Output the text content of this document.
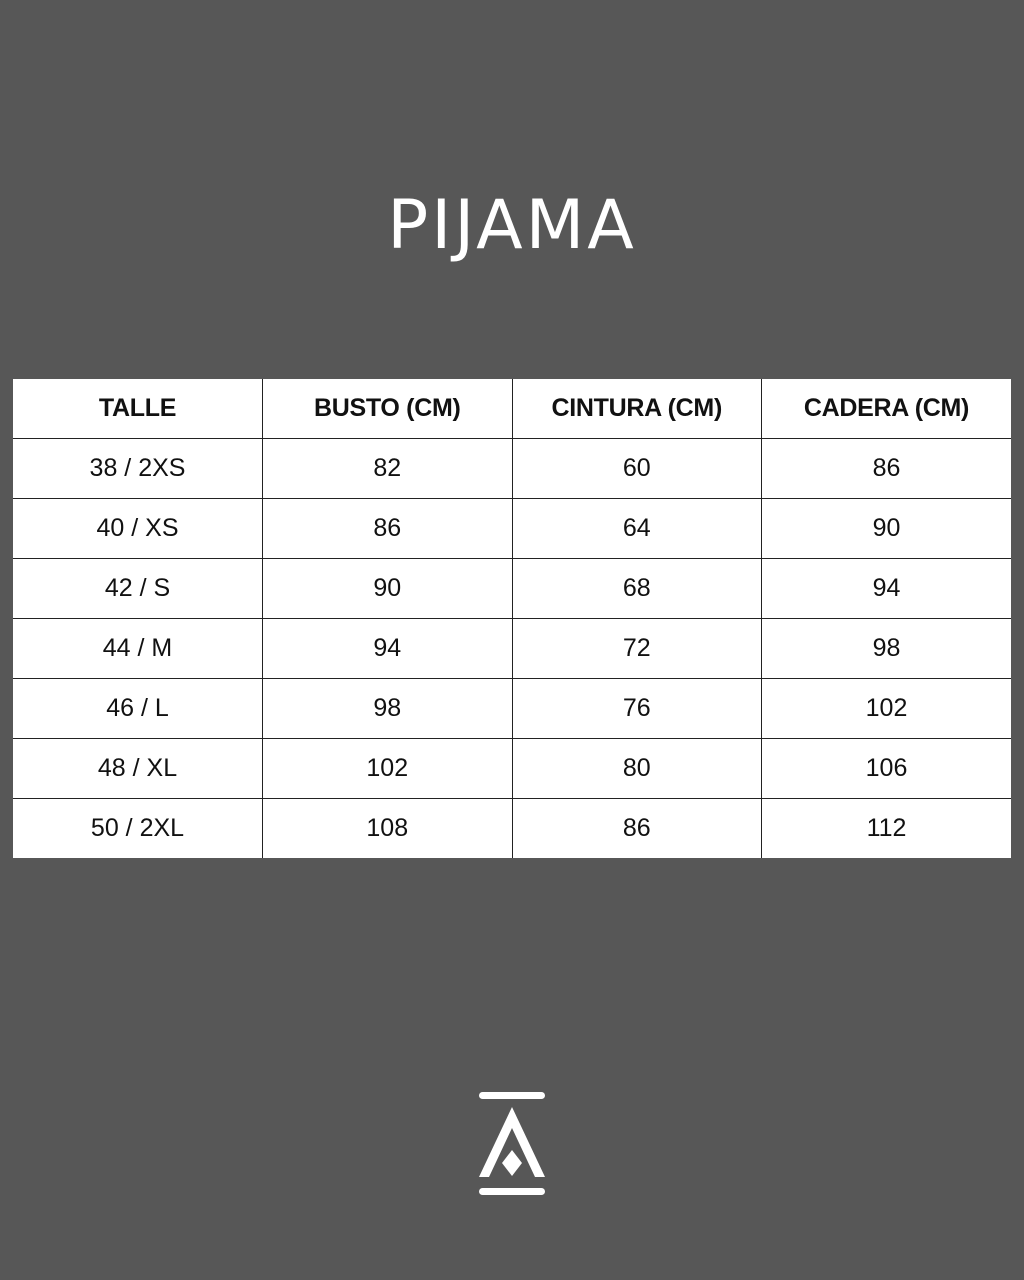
PIJAMA
TALLE	BUSTO (CM)	CINTURA (CM)	CADERA (CM)
38 / 2XS	82	60	86
40 / XS	86	64	90
42 / S	90	68	94
44 / M	94	72	98
46 / L	98	76	102
48 / XL	102	80	106
50 / 2XL	108	86	112
